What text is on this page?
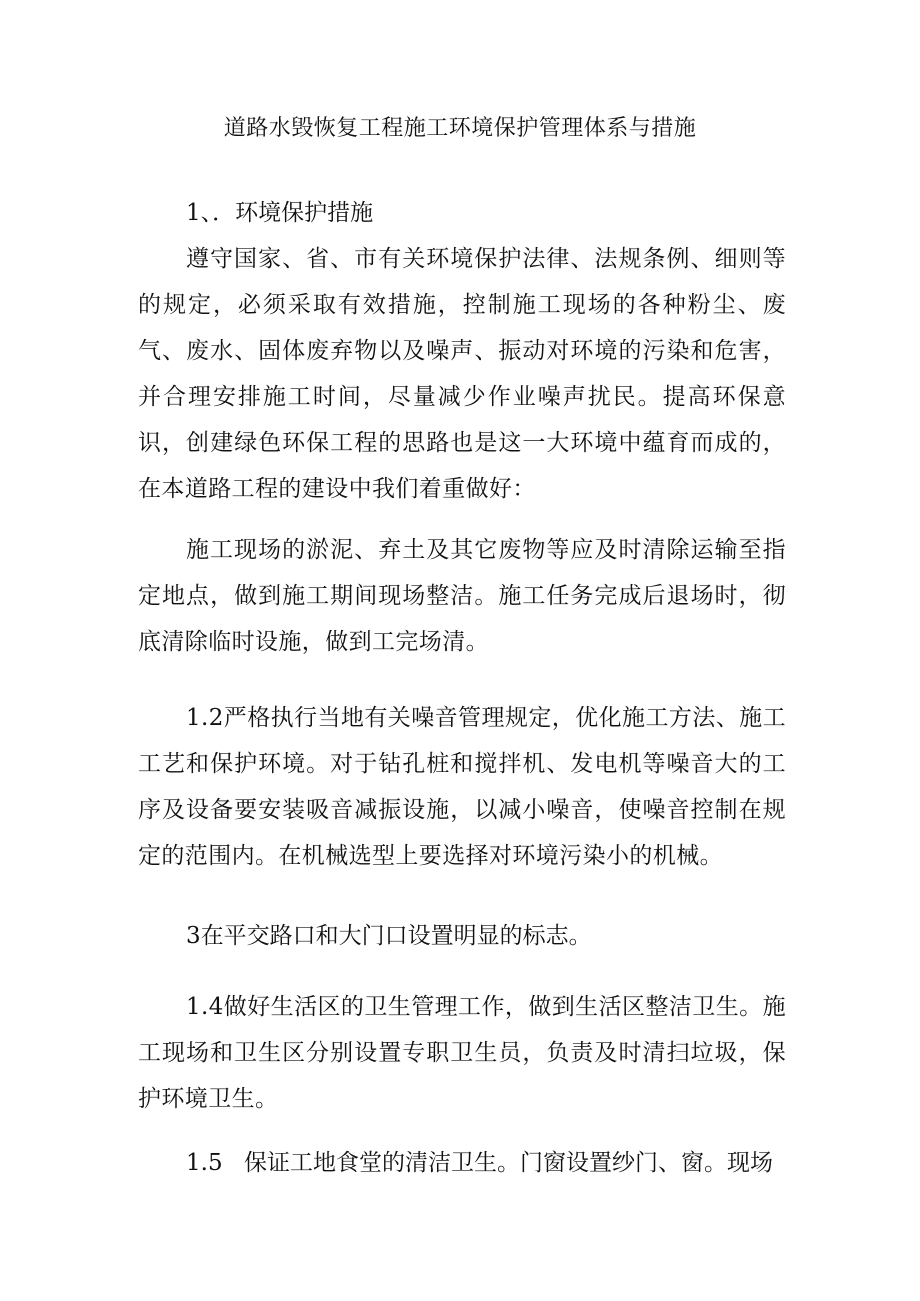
道路水毁恢复工程施工环境保护管理体系与措施

1、．环境保护措施

遵守国家、省、市有关环境保护法律、法规条例、细则等的规定，必须采取有效措施，控制施工现场的各种粉尘、废气、废水、固体废弃物以及噪声、振动对环境的污染和危害，并合理安排施工时间，尽量减少作业噪声扰民。提高环保意识，创建绿色环保工程的思路也是这一大环境中蕴育而成的，在本道路工程的建设中我们着重做好：

施工现场的淤泥、弃土及其它废物等应及时清除运输至指定地点，做到施工期间现场整洁。施工任务完成后退场时，彻底清除临时设施，做到工完场清。

1.2严格执行当地有关噪音管理规定，优化施工方法、施工工艺和保护环境。对于钻孔桩和搅拌机、发电机等噪音大的工序及设备要安装吸音减振设施，以减小噪音，使噪音控制在规定的范围内。在机械选型上要选择对环境污染小的机械。

3在平交路口和大门口设置明显的标志。

1.4做好生活区的卫生管理工作，做到生活区整洁卫生。施工现场和卫生区分别设置专职卫生员，负责及时清扫垃圾，保护环境卫生。

1.5 保证工地食堂的清洁卫生。门窗设置纱门、窗。现场
